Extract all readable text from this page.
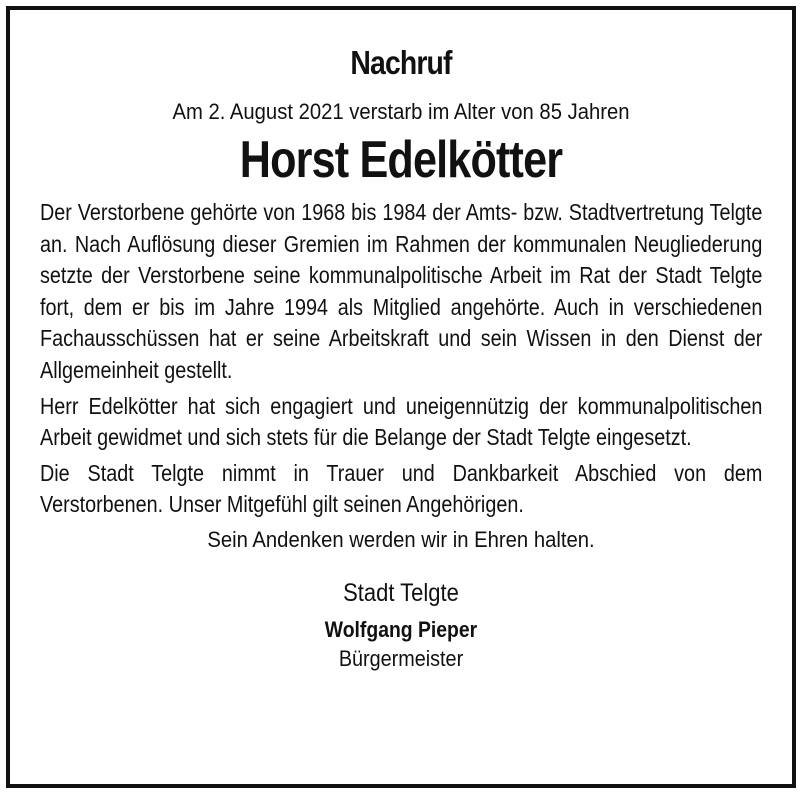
Nachruf
Am 2. August 2021 verstarb im Alter von 85 Jahren
Horst Edelkötter

Der Verstorbene gehörte von 1968 bis 1984 der Amts- bzw. Stadtvertretung Telgte an. Nach Auflösung dieser Gremien im Rahmen der kommunalen Neugliederung setzte der Verstorbene seine kommunalpolitische Arbeit im Rat der Stadt Telgte fort, dem er bis im Jahre 1994 als Mitglied angehörte. Auch in verschiedenen Fachausschüssen hat er seine Arbeitskraft und sein Wissen in den Dienst der Allgemeinheit gestellt.

Herr Edelkötter hat sich engagiert und uneigennützig der kommunalpolitischen Arbeit gewidmet und sich stets für die Belange der Stadt Telgte eingesetzt.

Die Stadt Telgte nimmt in Trauer und Dankbarkeit Abschied von dem Verstorbenen. Unser Mitgefühl gilt seinen Angehörigen.

Sein Andenken werden wir in Ehren halten.
Stadt Telgte
Wolfgang Pieper
Bürgermeister
